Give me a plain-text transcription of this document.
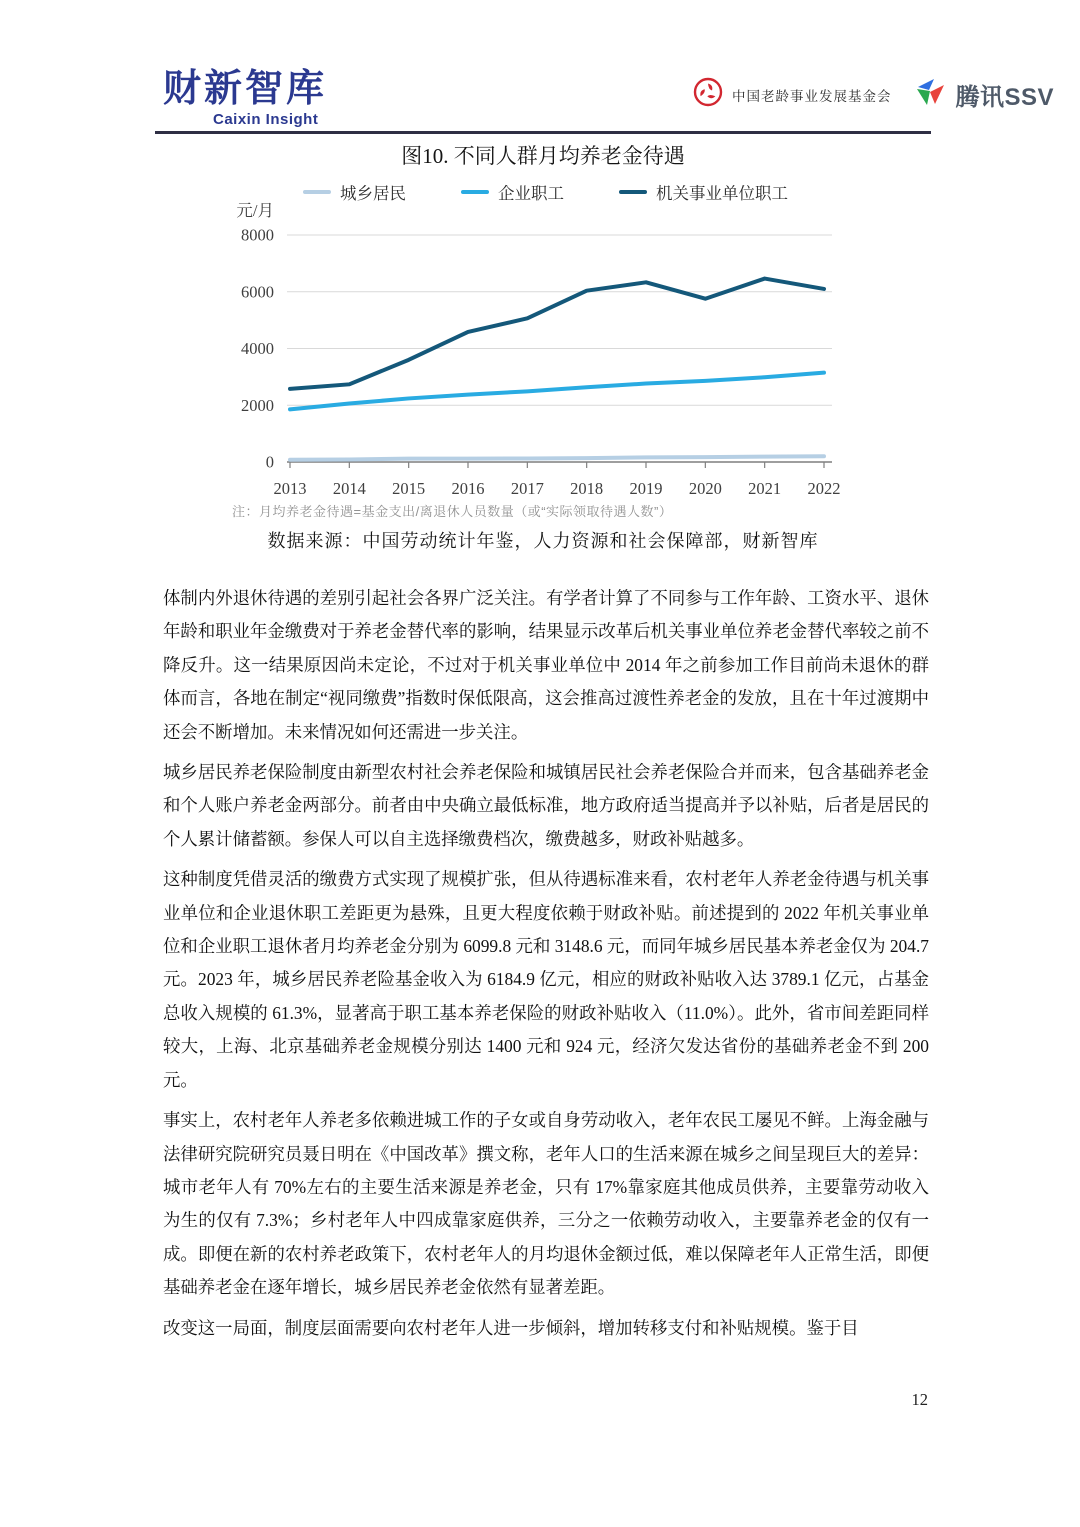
财新智库
Caixin Insight
中国老龄事业发展基金会	腾讯SSV
图10. 不同人群月均养老金待遇
城乡居民	企业职工	机关事业单位职工
2013 2014 2015 2016 2017 2018 2019 2020 2021 2022
0
2000
4000
6000
8000
元/月
注：月均养老金待遇=基金支出/离退休人员数量（或“实际领取待遇人数”）
数据来源：中国劳动统计年鉴，人力资源和社会保障部，财新智库

体制内外退休待遇的差别引起社会各界广泛关注。有学者计算了不同参与工作年龄、工资水平、退休年龄和职业年金缴费对于养老金替代率的影响，结果显示改革后机关事业单位养老金替代率较之前不降反升。这一结果原因尚未定论，不过对于机关事业单位中 2014 年之前参加工作目前尚未退休的群体而言，各地在制定“视同缴费”指数时保低限高，这会推高过渡性养老金的发放，且在十年过渡期中还会不断增加。未来情况如何还需进一步关注。

城乡居民养老保险制度由新型农村社会养老保险和城镇居民社会养老保险合并而来，包含基础养老金和个人账户养老金两部分。前者由中央确立最低标准，地方政府适当提高并予以补贴，后者是居民的个人累计储蓄额。参保人可以自主选择缴费档次，缴费越多，财政补贴越多。

这种制度凭借灵活的缴费方式实现了规模扩张，但从待遇标准来看，农村老年人养老金待遇与机关事业单位和企业退休职工差距更为悬殊，且更大程度依赖于财政补贴。前述提到的 2022 年机关事业单位和企业职工退休者月均养老金分别为 6099.8 元和 3148.6 元，而同年城乡居民基本养老金仅为 204.7 元。2023 年，城乡居民养老险基金收入为 6184.9 亿元，相应的财政补贴收入达 3789.1 亿元，占基金总收入规模的 61.3%，显著高于职工基本养老保险的财政补贴收入（11.0%）。此外，省市间差距同样较大，上海、北京基础养老金规模分别达 1400 元和 924 元，经济欠发达省份的基础养老金不到 200 元。

事实上，农村老年人养老多依赖进城工作的子女或自身劳动收入，老年农民工屡见不鲜。上海金融与法律研究院研究员聂日明在《中国改革》撰文称，老年人口的生活来源在城乡之间呈现巨大的差异：城市老年人有 70%左右的主要生活来源是养老金，只有 17%靠家庭其他成员供养，主要靠劳动收入为生的仅有 7.3%；乡村老年人中四成靠家庭供养，三分之一依赖劳动收入，主要靠养老金的仅有一成。即便在新的农村养老政策下，农村老年人的月均退休金额过低，难以保障老年人正常生活，即便基础养老金在逐年增长，城乡居民养老金依然有显著差距。

改变这一局面，制度层面需要向农村老年人进一步倾斜，增加转移支付和补贴规模。鉴于目

12
